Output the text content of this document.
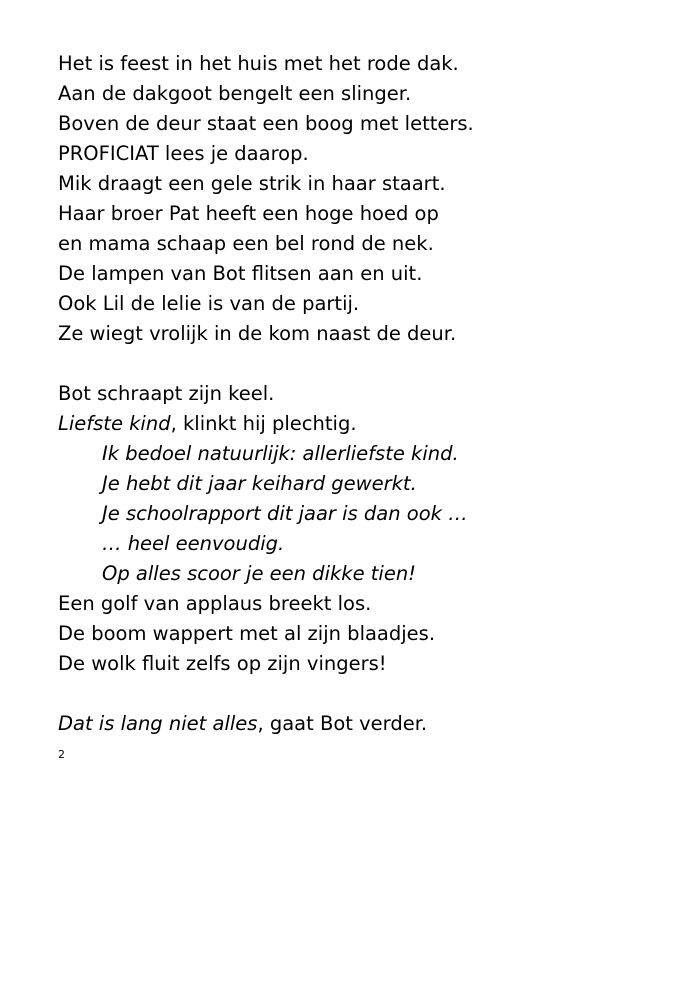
Het is feest in het huis met het rode dak.
Aan de dakgoot bengelt een slinger.
Boven de deur staat een boog met letters.
PROFICIAT lees je daarop.
Mik draagt een gele strik in haar staart.
Haar broer Pat heeft een hoge hoed op
en mama schaap een bel rond de nek.
De lampen van Bot flitsen aan en uit.
Ook Lil de lelie is van de partij.
Ze wiegt vrolijk in de kom naast de deur.
Bot schraapt zijn keel.
Liefste kind, klinkt hij plechtig.
Ik bedoel natuurlijk: allerliefste kind.
Je hebt dit jaar keihard gewerkt.
Je schoolrapport dit jaar is dan ook …
… heel eenvoudig.
Op alles scoor je een dikke tien!
Een golf van applaus breekt los.
De boom wappert met al zijn blaadjes.
De wolk fluit zelfs op zijn vingers!
Dat is lang niet alles, gaat Bot verder.
2
